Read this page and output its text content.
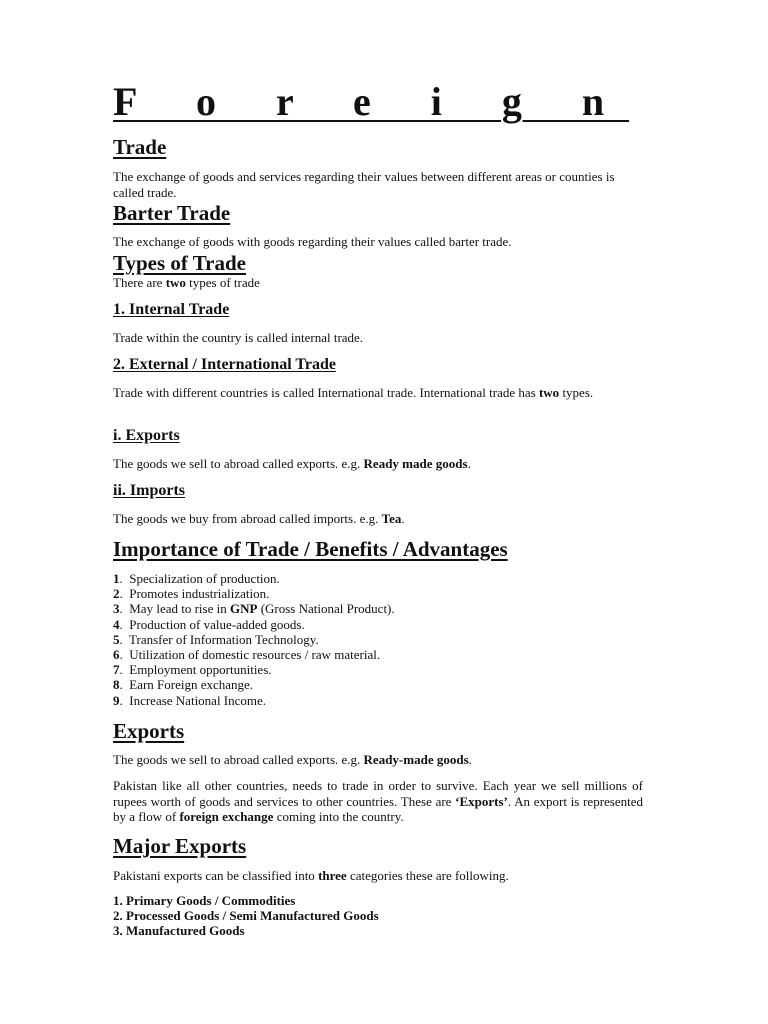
F o r e i g n
Trade

The exchange of goods and services regarding their values between different areas or counties is called trade.

Barter Trade

The exchange of goods with goods regarding their values called barter trade.

Types of Trade

There are two types of trade

1. Internal Trade

Trade within the country is called internal trade.

2. External / International Trade

Trade with different countries is called International trade. International trade has two types.

i. Exports

The goods we sell to abroad called exports. e.g. Ready made goods.

ii. Imports

The goods we buy from abroad called imports. e.g. Tea.

Importance of Trade / Benefits / Advantages
1.  Specialization of production.
2.  Promotes industrialization.
3.  May lead to rise in GNP (Gross National Product).
4.  Production of value-added goods.
5.  Transfer of Information Technology.
6.  Utilization of domestic resources / raw material.
7.  Employment opportunities.
8.  Earn Foreign exchange.
9.  Increase National Income.
Exports

The goods we sell to abroad called exports. e.g. Ready-made goods.

Pakistan like all other countries, needs to trade in order to survive. Each year we sell millions of rupees worth of goods and services to other countries. These are ‘Exports’. An export is represented by a flow of foreign exchange coming into the country.

Major Exports

Pakistani exports can be classified into three categories these are following.

1. Primary Goods / Commodities
2. Processed Goods / Semi Manufactured Goods
3. Manufactured Goods
